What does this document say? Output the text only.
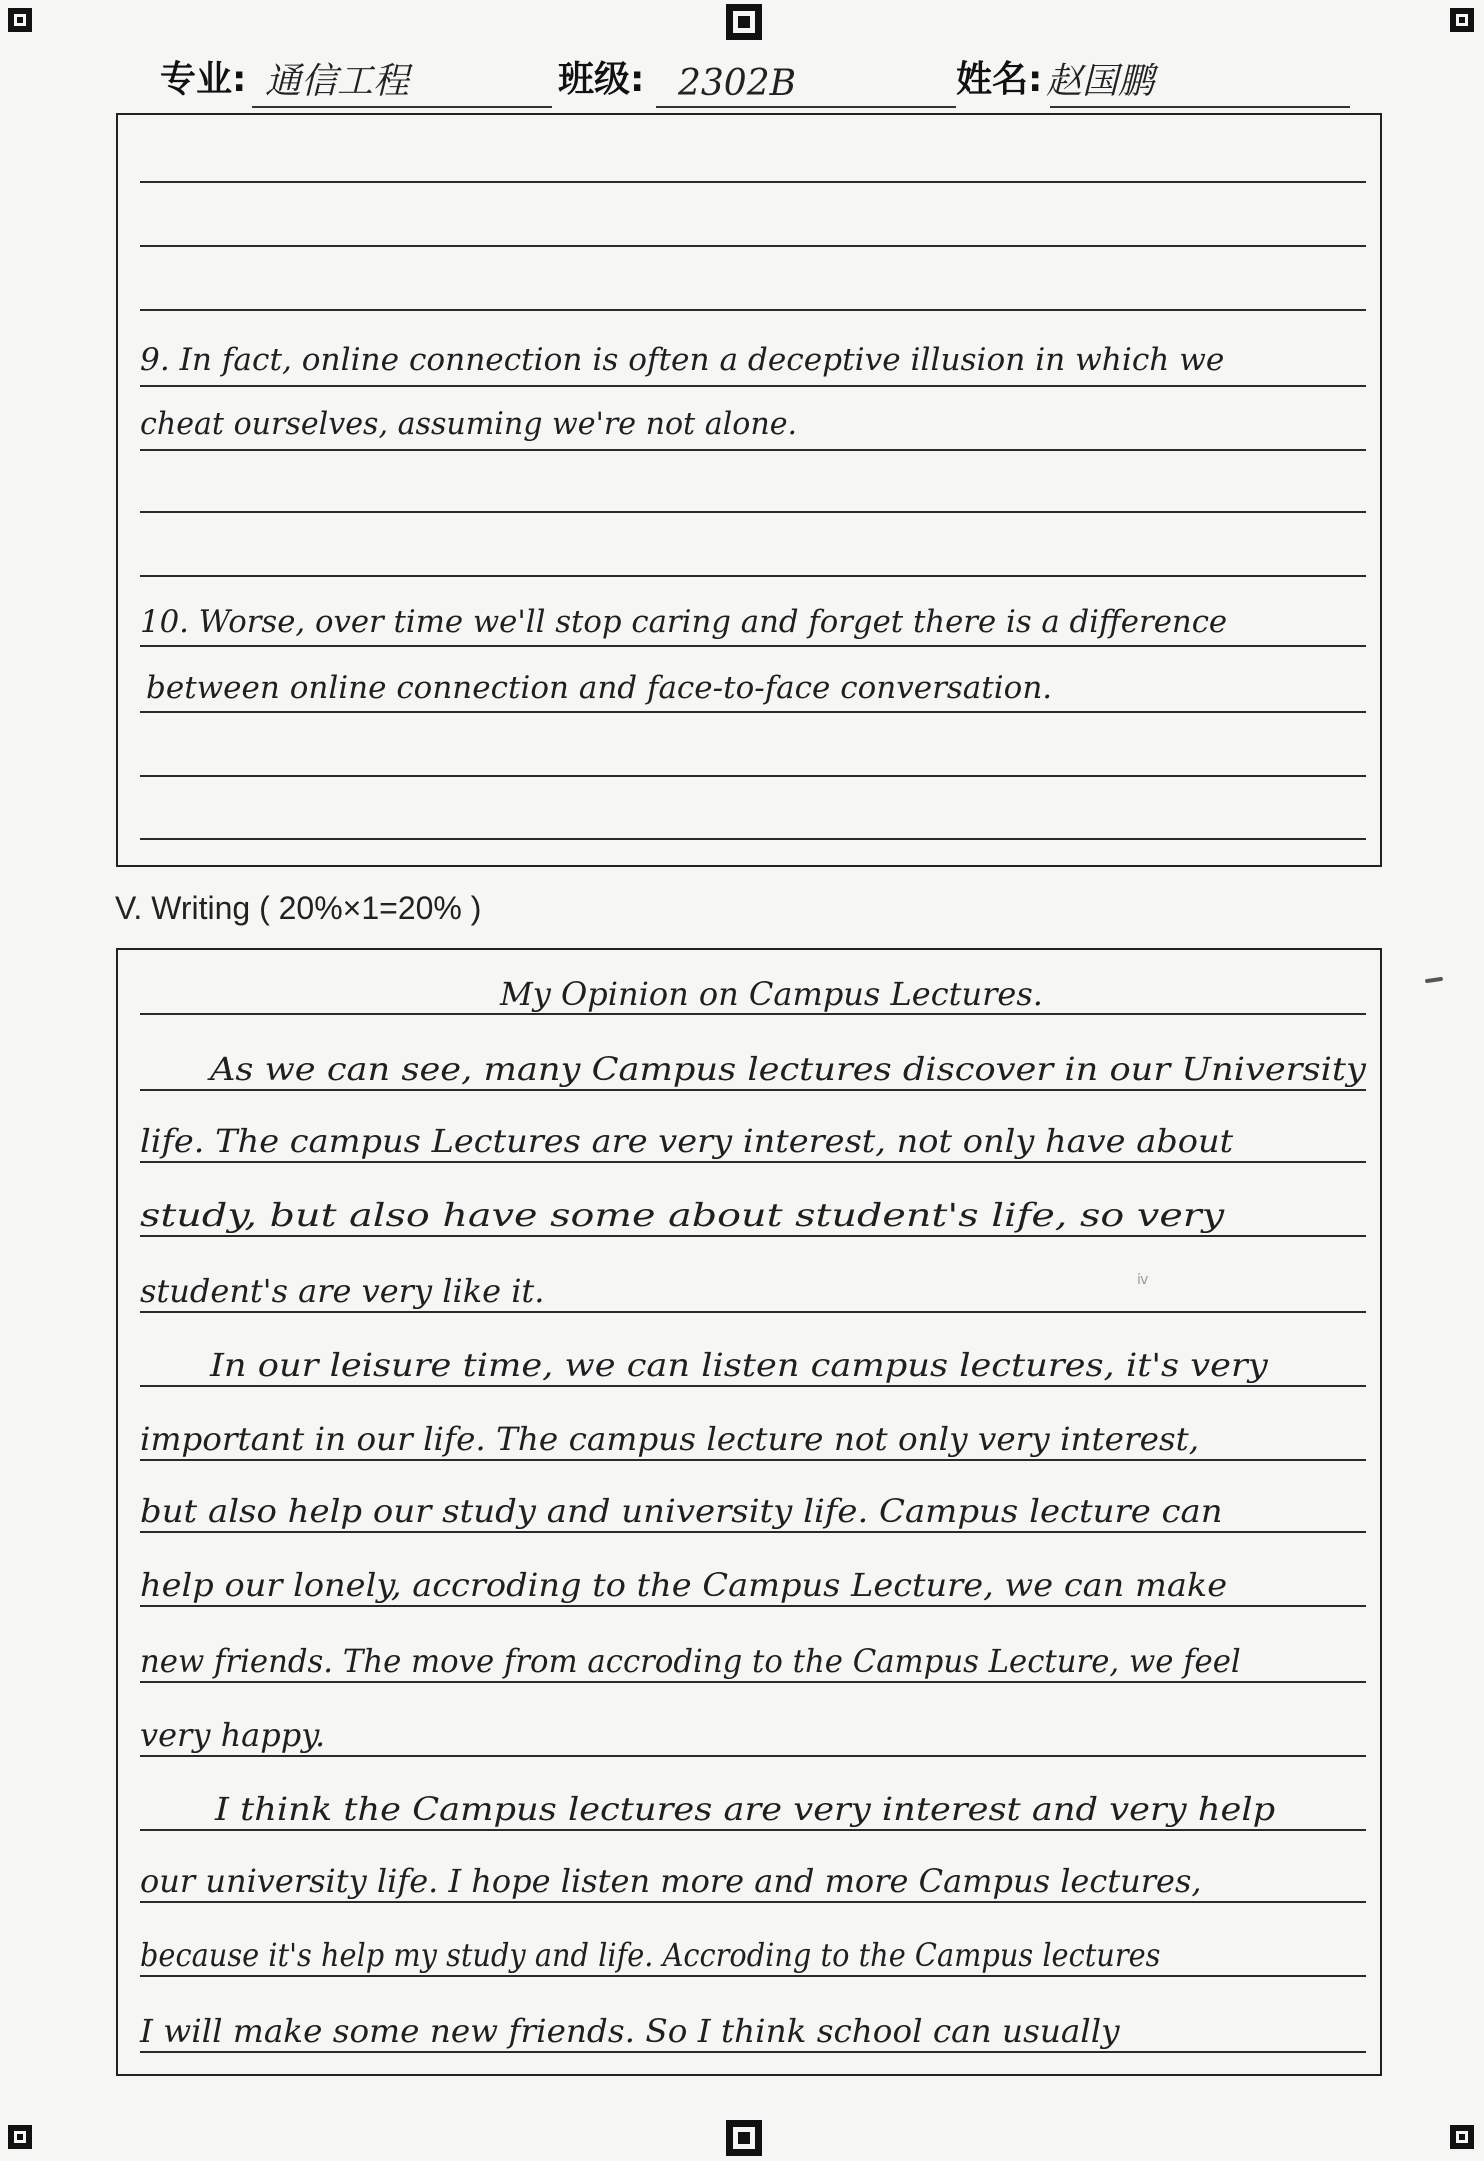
专业: 通信工程	班级: 2302B	姓名: 赵国鹏
9. In fact, online connection is often a deceptive illusion in which we
cheat ourselves, assuming we're not alone.
10. Worse, over time we'll stop caring and forget there is a difference
between online connection and face-to-face conversation.
V. Writing ( 20%×1=20% )
My Opinion on Campus Lectures.
As we can see, many Campus lectures discover in our University
life. The campus Lectures are very interest, not only have about
study, but also have some about student's life, so very
student's are very like it.
In our leisure time, we can listen campus lectures, it's very
important in our life. The campus lecture not only very interest,
but also help our study and university life. Campus lecture can
help our lonely, accroding to the Campus Lecture, we can make
new friends. The move from accroding to the Campus Lecture, we feel
very happy.
I think the Campus lectures are very interest and very help
our university life. I hope listen more and more Campus lectures,
because it's help my study and life. Accroding to the Campus lectures
I will make some new friends. So I think school can usually
ⅳ
